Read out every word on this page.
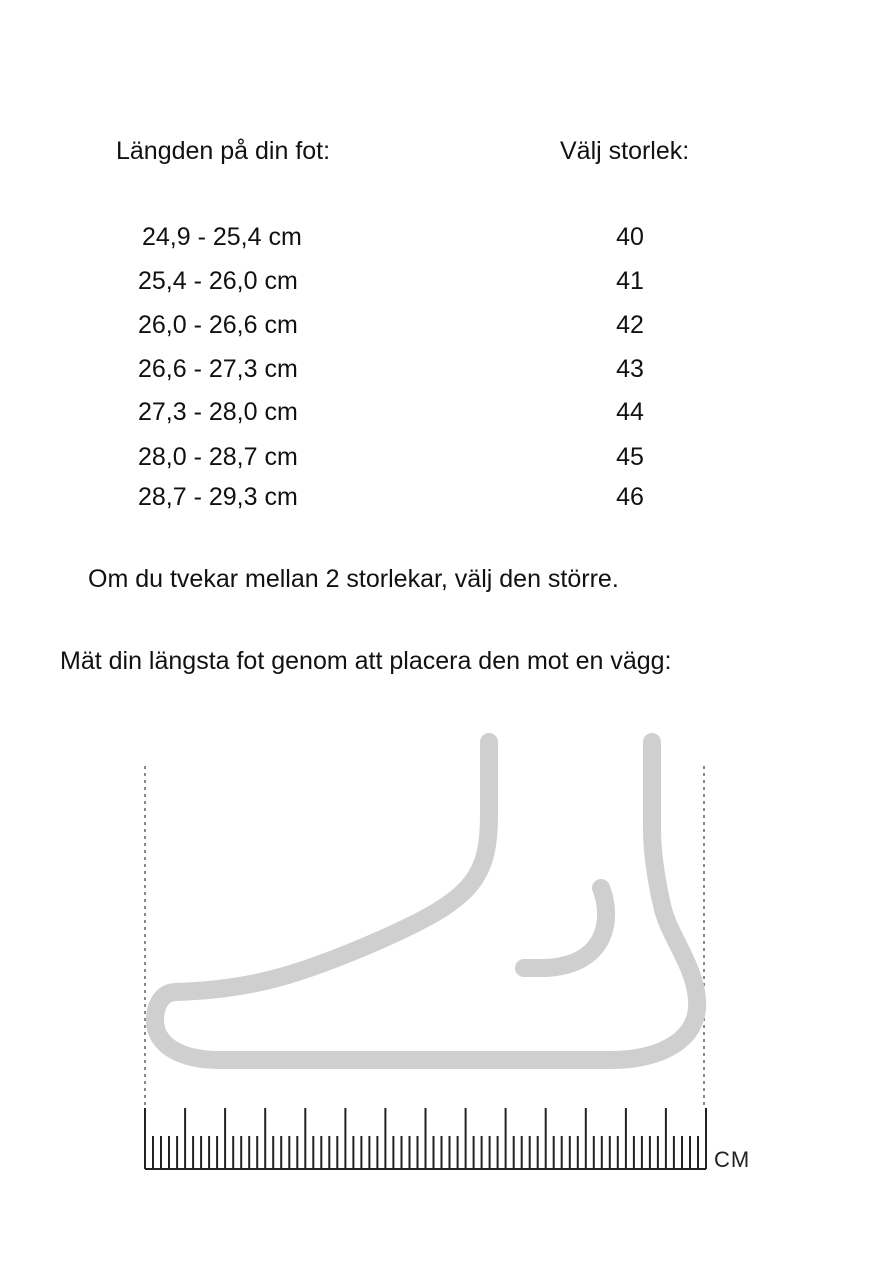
Längden på din fot:	Välj storlek:
24,9 - 25,4 cm	40
25,4 - 26,0 cm	41
26,0 - 26,6 cm	42
26,6 - 27,3 cm	43
27,3 - 28,0 cm	44
28,0 - 28,7 cm	45
28,7 - 29,3 cm	46
Om du tvekar mellan 2 storlekar, välj den större.
Mät din längsta fot genom att placera den mot en vägg:
CM
